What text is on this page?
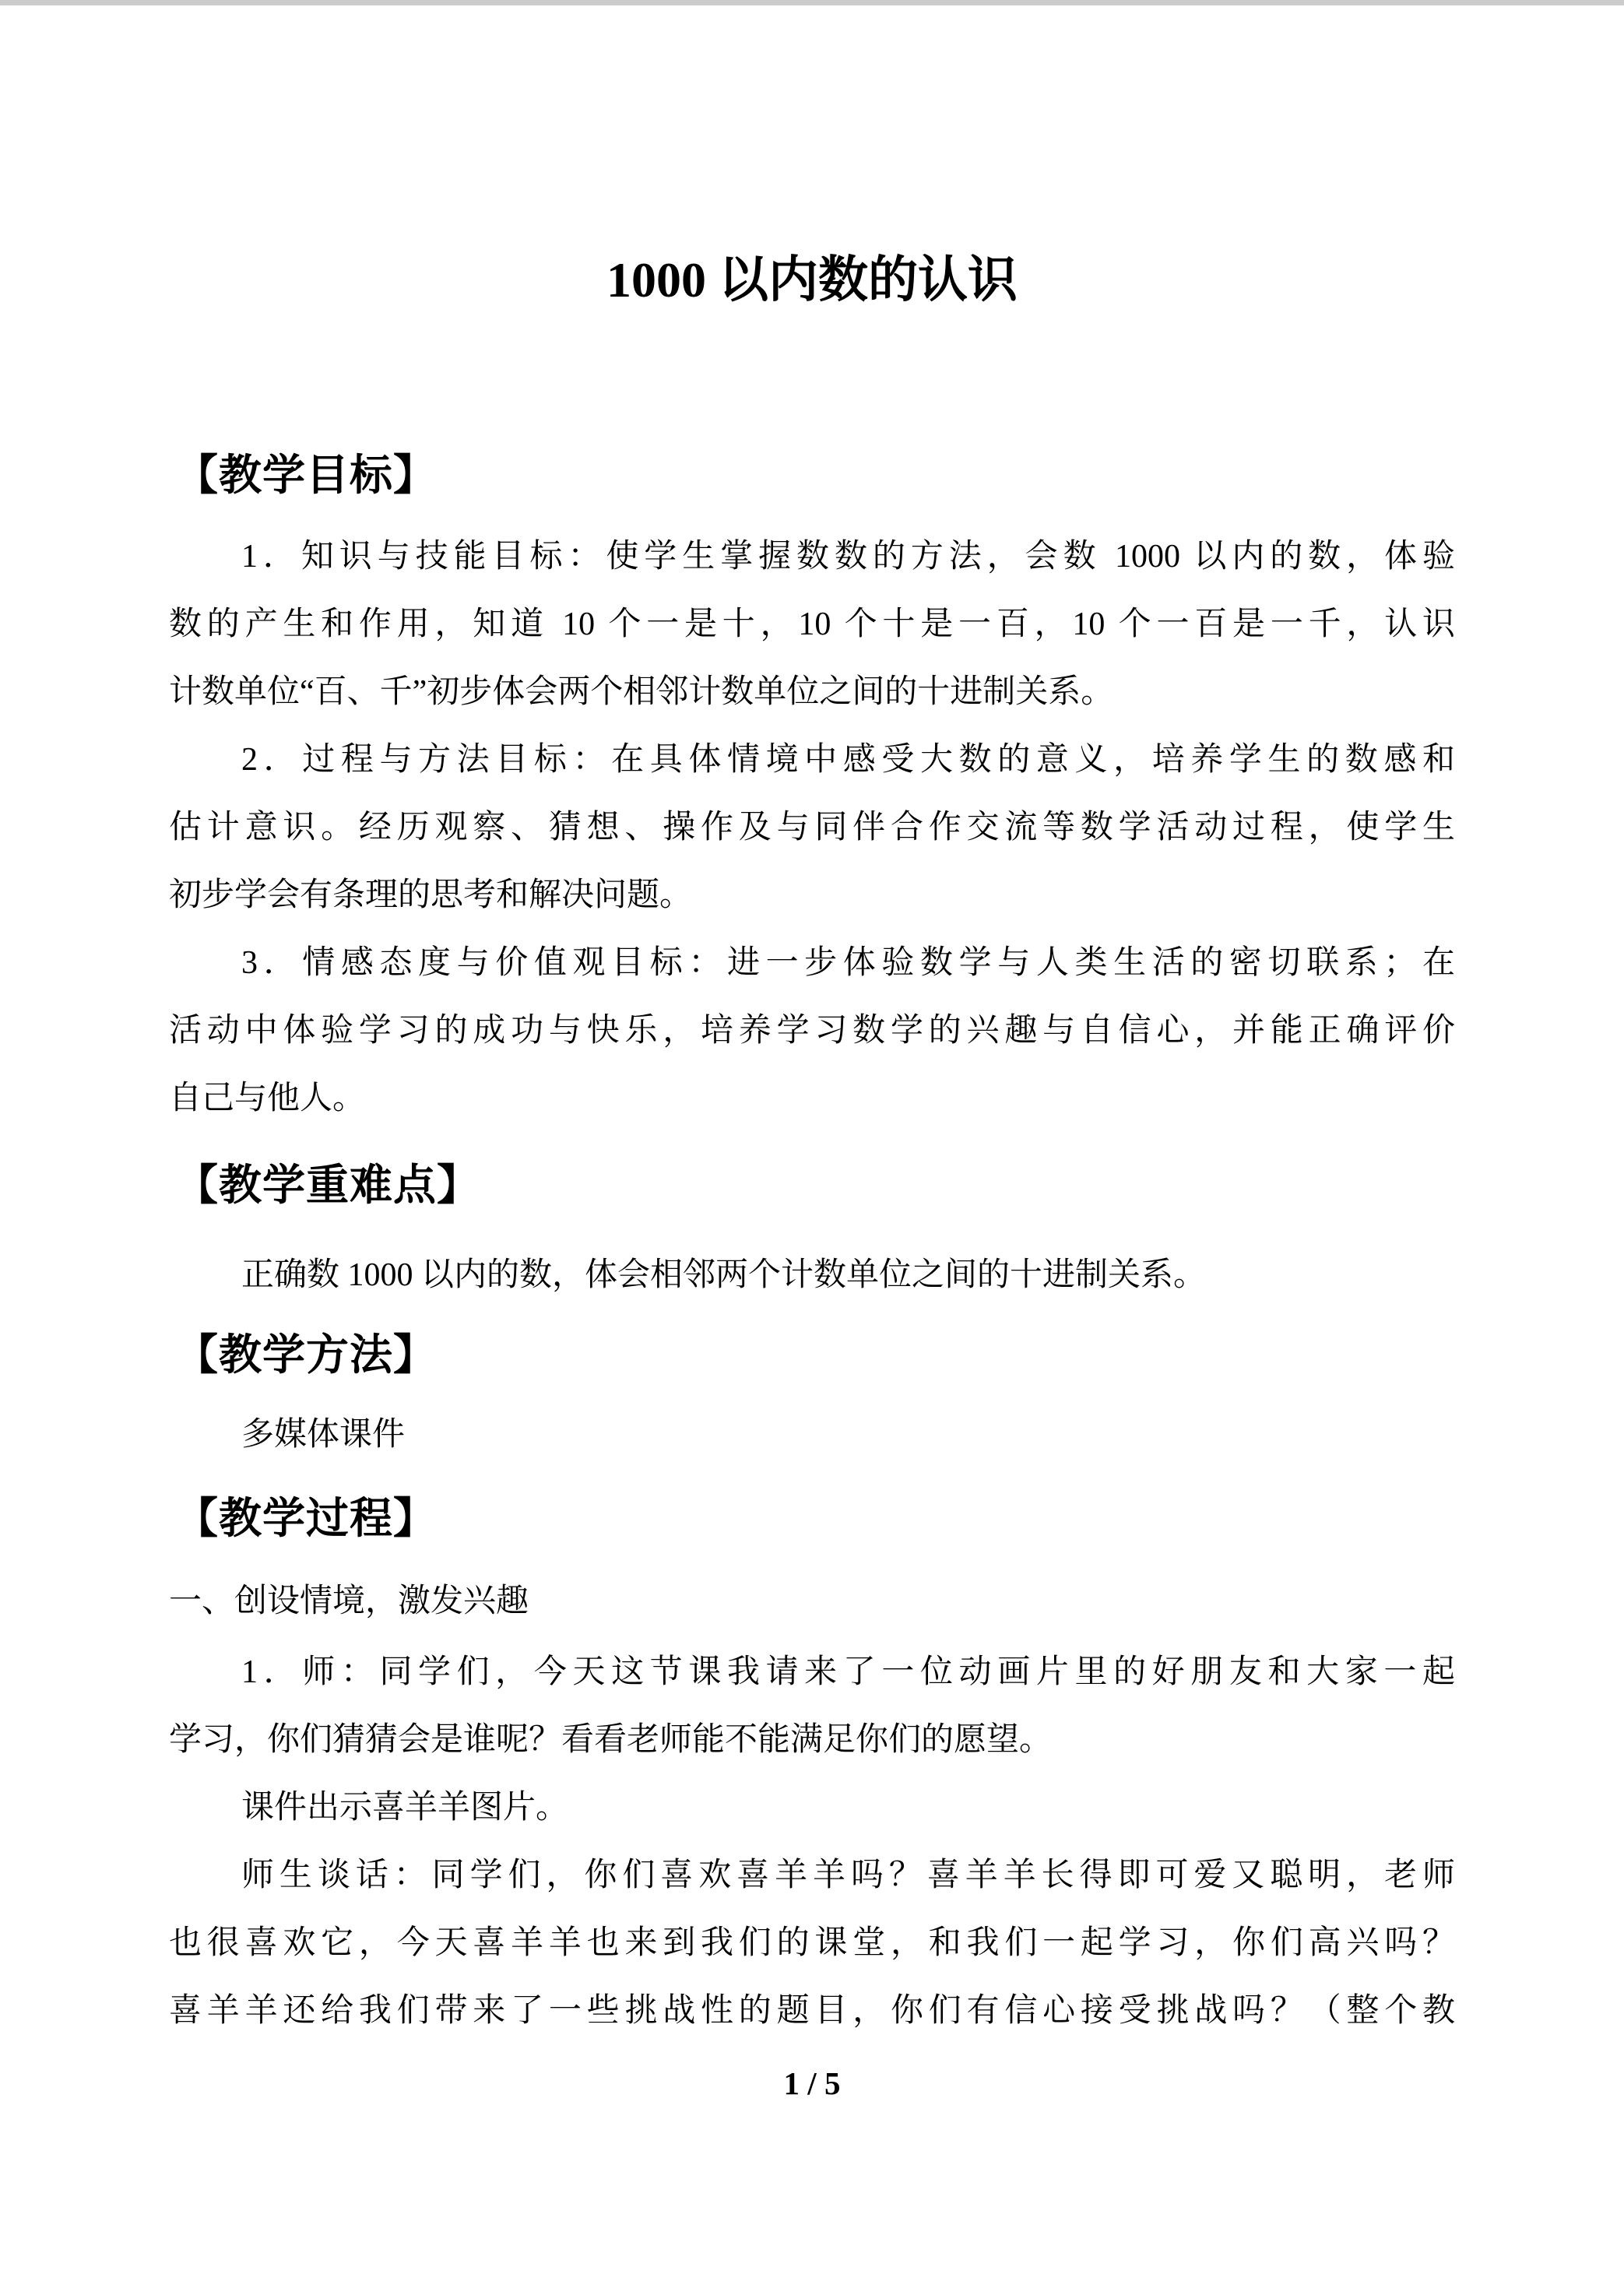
1000 以内数的认识
【教学目标】
1．知识与技能目标：使学生掌握数数的方法，会数 1000 以内的数，体验
数的产生和作用，知道 10 个一是十，10 个十是一百，10 个一百是一千，认识
计数单位“百、千”初步体会两个相邻计数单位之间的十进制关系。
2．过程与方法目标：在具体情境中感受大数的意义，培养学生的数感和
估计意识。经历观察、猜想、操作及与同伴合作交流等数学活动过程，使学生
初步学会有条理的思考和解决问题。
3．情感态度与价值观目标：进一步体验数学与人类生活的密切联系；在
活动中体验学习的成功与快乐，培养学习数学的兴趣与自信心，并能正确评价
自己与他人。
【教学重难点】
正确数 1000 以内的数，体会相邻两个计数单位之间的十进制关系。
【教学方法】
多媒体课件
【教学过程】
一、创设情境，激发兴趣
1．师：同学们，今天这节课我请来了一位动画片里的好朋友和大家一起
学习，你们猜猜会是谁呢？看看老师能不能满足你们的愿望。
课件出示喜羊羊图片。
师生谈话：同学们，你们喜欢喜羊羊吗？喜羊羊长得即可爱又聪明，老师
也很喜欢它，今天喜羊羊也来到我们的课堂，和我们一起学习，你们高兴吗？
喜羊羊还给我们带来了一些挑战性的题目，你们有信心接受挑战吗？（整个教
1 / 5
